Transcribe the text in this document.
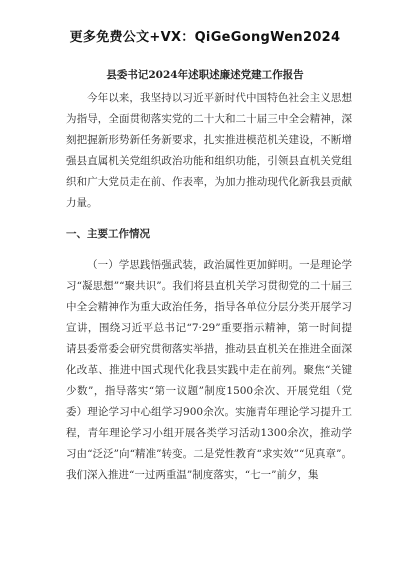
更多免费公文+VX：QiGeGongWen2024
县委书记2024年述职述廉述党建工作报告

今年以来，我坚持以习近平新时代中国特色社会主义思想为指导，全面贯彻落实党的二十大和二十届三中全会精神，深刻把握新形势新任务新要求，扎实推进模范机关建设，不断增强县直属机关党组织政治功能和组织功能，引领县直机关党组织和广大党员走在前、作表率，为加力推动现代化新我县贡献力量。

一、主要工作情况

（一）学思践悟强武装，政治属性更加鲜明。一是理论学习“凝思想”“聚共识”。我们将县直机关学习贯彻党的二十届三中全会精神作为重大政治任务，指导各单位分层分类开展学习宣讲，围绕习近平总书记“7·29”重要指示精神，第一时间提请县委常委会研究贯彻落实举措，推动县直机关在推进全面深化改革、推进中国式现代化我县实践中走在前列。聚焦“关键少数”，指导落实“第一议题”制度1500余次、开展党组（党委）理论学习中心组学习900余次。实施青年理论学习提升工程，青年理论学习小组开展各类学习活动1300余次，推动学习由“泛泛”向“精准”转变。二是党性教育“求实效”“见真章”。我们深入推进“一过两重温”制度落实，“七一”前夕，集
